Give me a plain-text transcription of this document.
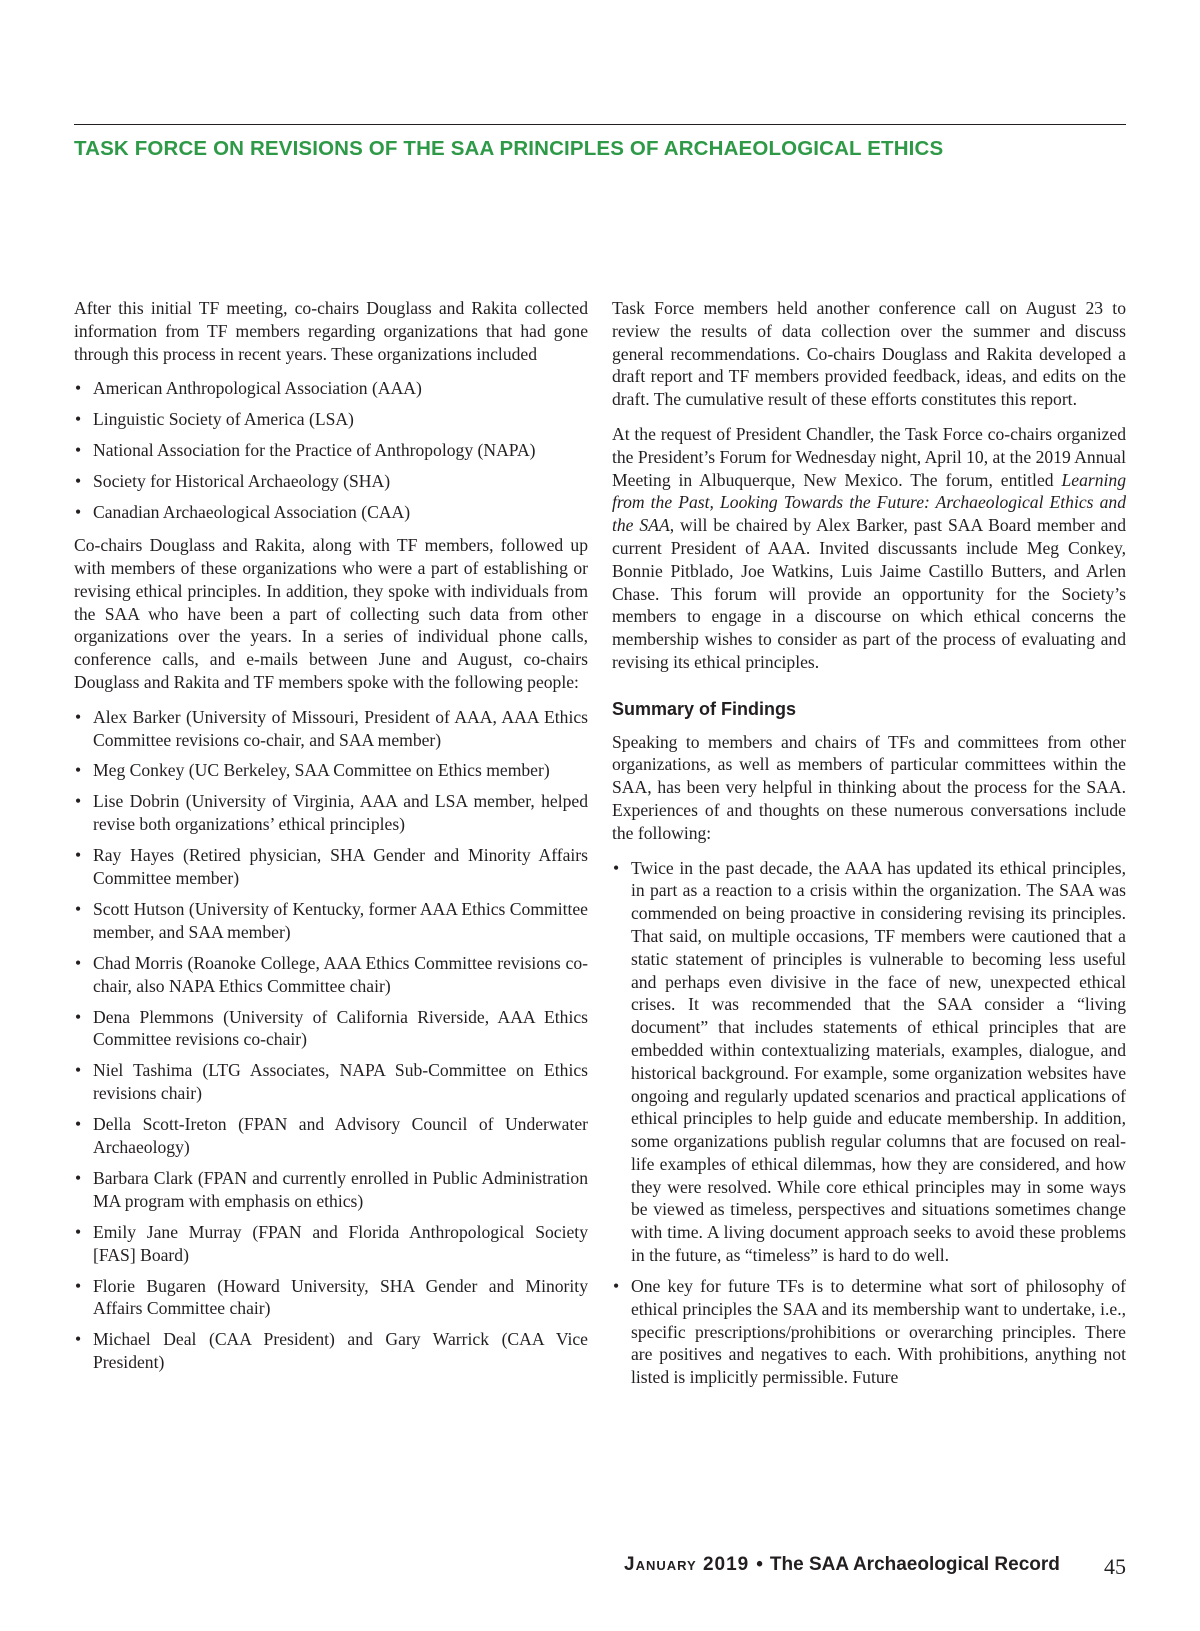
TASK FORCE ON REVISIONS OF THE SAA PRINCIPLES OF ARCHAEOLOGICAL ETHICS

After this initial TF meeting, co-chairs Douglass and Rakita collected information from TF members regarding organizations that had gone through this process in recent years. These organizations included

• American Anthropological Association (AAA)
• Linguistic Society of America (LSA)
• National Association for the Practice of Anthropology (NAPA)
• Society for Historical Archaeology (SHA)
• Canadian Archaeological Association (CAA)

Co-chairs Douglass and Rakita, along with TF members, followed up with members of these organizations who were a part of establishing or revising ethical principles. In addition, they spoke with individuals from the SAA who have been a part of collecting such data from other organizations over the years. In a series of individual phone calls, conference calls, and e-mails between June and August, co-chairs Douglass and Rakita and TF members spoke with the following people:

• Alex Barker (University of Missouri, President of AAA, AAA Ethics Committee revisions co-chair, and SAA member)
• Meg Conkey (UC Berkeley, SAA Committee on Ethics member)
• Lise Dobrin (University of Virginia, AAA and LSA member, helped revise both organizations’ ethical principles)
• Ray Hayes (Retired physician, SHA Gender and Minority Affairs Committee member)
• Scott Hutson (University of Kentucky, former AAA Ethics Committee member, and SAA member)
• Chad Morris (Roanoke College, AAA Ethics Committee revisions co-chair, also NAPA Ethics Committee chair)
• Dena Plemmons (University of California Riverside, AAA Ethics Committee revisions co-chair)
• Niel Tashima (LTG Associates, NAPA Sub-Committee on Ethics revisions chair)
• Della Scott-Ireton (FPAN and Advisory Council of Underwater Archaeology)
• Barbara Clark (FPAN and currently enrolled in Public Administration MA program with emphasis on ethics)
• Emily Jane Murray (FPAN and Florida Anthropological Society [FAS] Board)
• Florie Bugaren (Howard University, SHA Gender and Minority Affairs Committee chair)
• Michael Deal (CAA President) and Gary Warrick (CAA Vice President)

Task Force members held another conference call on August 23 to review the results of data collection over the summer and discuss general recommendations. Co-chairs Douglass and Rakita developed a draft report and TF members provided feedback, ideas, and edits on the draft. The cumulative result of these efforts constitutes this report.

At the request of President Chandler, the Task Force co-chairs organized the President’s Forum for Wednesday night, April 10, at the 2019 Annual Meeting in Albuquerque, New Mexico. The forum, entitled Learning from the Past, Looking Towards the Future: Archaeological Ethics and the SAA, will be chaired by Alex Barker, past SAA Board member and current President of AAA. Invited discussants include Meg Conkey, Bonnie Pitblado, Joe Watkins, Luis Jaime Castillo Butters, and Arlen Chase. This forum will provide an opportunity for the Society’s members to engage in a discourse on which ethical concerns the membership wishes to consider as part of the process of evaluating and revising its ethical principles.

Summary of Findings

Speaking to members and chairs of TFs and committees from other organizations, as well as members of particular committees within the SAA, has been very helpful in thinking about the process for the SAA. Experiences of and thoughts on these numerous conversations include the following:

• Twice in the past decade, the AAA has updated its ethical principles, in part as a reaction to a crisis within the organization. The SAA was commended on being proactive in considering revising its principles. That said, on multiple occasions, TF members were cautioned that a static statement of principles is vulnerable to becoming less useful and perhaps even divisive in the face of new, unexpected ethical crises. It was recommended that the SAA consider a “living document” that includes statements of ethical principles that are embedded within contextualizing materials, examples, dialogue, and historical background. For example, some organization websites have ongoing and regularly updated scenarios and practical applications of ethical principles to help guide and educate membership. In addition, some organizations publish regular columns that are focused on real-life examples of ethical dilemmas, how they are considered, and how they were resolved. While core ethical principles may in some ways be viewed as timeless, perspectives and situations sometimes change with time. A living document approach seeks to avoid these problems in the future, as “timeless” is hard to do well.
• One key for future TFs is to determine what sort of philosophy of ethical principles the SAA and its membership want to undertake, i.e., specific prescriptions/prohibitions or overarching principles. There are positives and negatives to each. With prohibitions, anything not listed is implicitly permissible. Future
January 2019 • The SAA Archaeological Record 45
